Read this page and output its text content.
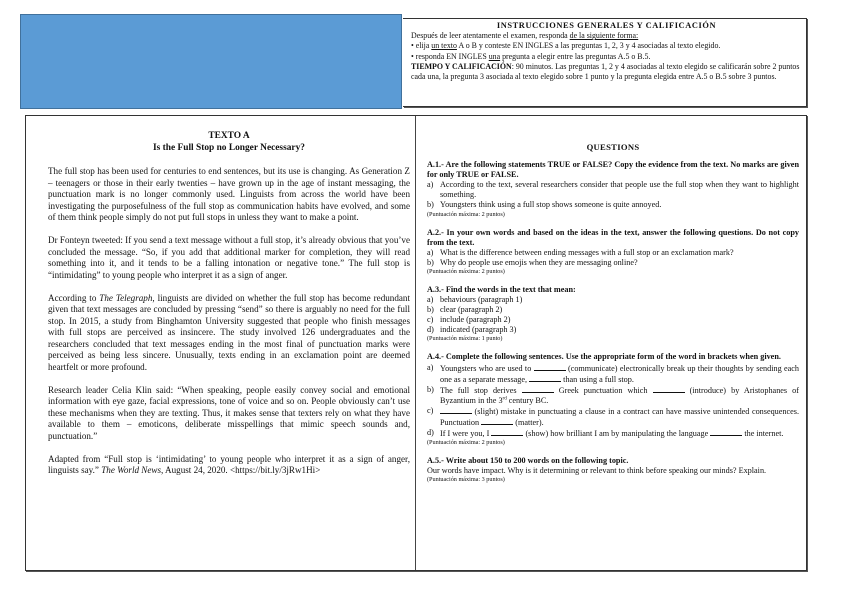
INSTRUCCIONES GENERALES Y CALIFICACIÓN
Después de leer atentamente el examen, responda de la siguiente forma:
• elija un texto A o B y conteste EN INGLES a las preguntas 1, 2, 3 y 4 asociadas al texto elegido.
• responda EN INGLES una pregunta a elegir entre las preguntas A.5 o B.5.
TIEMPO Y CALIFICACIÓN: 90 minutos. Las preguntas 1, 2 y 4 asociadas al texto elegido se calificarán sobre 2 puntos cada una, la pregunta 3 asociada al texto elegido sobre 1 punto y la pregunta elegida entre A.5 o B.5 sobre 3 puntos.
TEXTO A
Is the Full Stop no Longer Necessary?

The full stop has been used for centuries to end sentences, but its use is changing. As Generation Z – teenagers or those in their early twenties – have grown up in the age of instant messaging, the punctuation mark is no longer commonly used. Linguists from across the world have been investigating the purposefulness of the full stop as communication habits have evolved, and some of them think people simply do not put full stops in unless they want to make a point.

Dr Fonteyn tweeted: If you send a text message without a full stop, it’s already obvious that you’ve concluded the message. “So, if you add that additional marker for completion, they will read something into it, and it tends to be a falling intonation or negative tone.” The full stop is “intimidating” to young people who interpret it as a sign of anger.

According to The Telegraph, linguists are divided on whether the full stop has become redundant given that text messages are concluded by pressing “send” so there is arguably no need for the full stop. In 2015, a study from Binghamton University suggested that people who finish messages with full stops are perceived as insincere. The study involved 126 undergraduates and the researchers concluded that text messages ending in the most final of punctuation marks were perceived as being less sincere. Unusually, texts ending in an exclamation point are deemed heartfelt or more profound.

Research leader Celia Klin said: “When speaking, people easily convey social and emotional information with eye gaze, facial expressions, tone of voice and so on. People obviously can’t use these mechanisms when they are texting. Thus, it makes sense that texters rely on what they have available to them – emoticons, deliberate misspellings that mimic speech sounds and, punctuation.”

Adapted from “Full stop is ‘intimidating’ to young people who interpret it as a sign of anger, linguists say.” The World News, August 24, 2020. <https://bit.ly/3jRw1Hi>

QUESTIONS
A.1.- Are the following statements TRUE or FALSE? Copy the evidence from the text. No marks are given for only TRUE or FALSE.
a) According to the text, several researchers consider that people use the full stop when they want to highlight something.
b) Youngsters think using a full stop shows someone is quite annoyed.
(Puntuación máxima: 2 puntos)
A.2.- In your own words and based on the ideas in the text, answer the following questions. Do not copy from the text.
a) What is the difference between ending messages with a full stop or an exclamation mark?
b) Why do people use emojis when they are messaging online?
(Puntuación máxima: 2 puntos)
A.3.- Find the words in the text that mean:
a) behaviours (paragraph 1)
b) clear (paragraph 2)
c) include (paragraph 2)
d) indicated (paragraph 3)
(Puntuación máxima: 1 punto)
A.4.- Complete the following sentences. Use the appropriate form of the word in brackets when given.
a) Youngsters who are used to	(communicate) electronically break up their thoughts by sending each one as a separate message,	than using a full stop.
b) The full stop derives	Greek punctuation which	(introduce) by Aristophanes of Byzantium in the 3rd century BC.
c)	(slight) mistake in punctuating a clause in a contract can have massive unintended consequences. Punctuation	(matter).
d) If I were you, I	(show) how brilliant I am by manipulating the language	the internet.
(Puntuación máxima: 2 puntos)
A.5.- Write about 150 to 200 words on the following topic.
Our words have impact. Why is it determining or relevant to think before speaking our minds? Explain.
(Puntuación máxima: 3 puntos)
